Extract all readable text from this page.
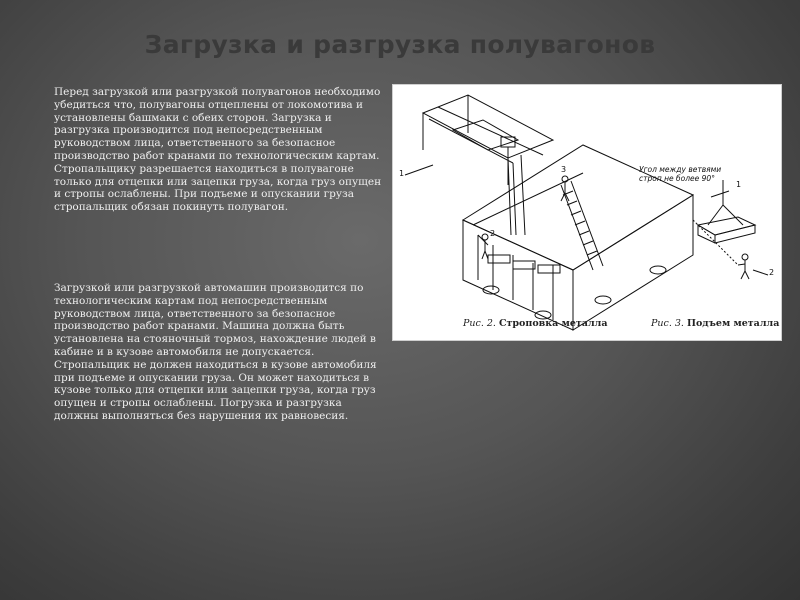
Загрузка и разгрузка полувагонов
Перед загрузкой или разгрузкой полувагонов необходимо убедиться что, полувагоны отцеплены от локомотива и установлены башмаки с обеих сторон. Загрузка и разгрузка производится под непосредственным руководством лица, ответственного за безопасное производство работ кранами по технологическим картам. Стропальщику разрешается находиться в полувагоне только для отцепки или зацепки груза, когда груз опущен и стропы ослаблены. При подъеме и опускании груза стропальщик обязан покинуть полувагон.
Загрузкой или разгрузкой автомашин производится по технологическим картам под непосредственным руководством лица, ответственного за безопасное производство работ кранами. Машина должна быть установлена на стояночный тормоз, нахождение людей в кабине и в кузове автомобиля не допускается. Стропальщик не должен находиться в кузове автомобиля при подъеме и опускании груза. Он может находиться в кузове только для отцепки или зацепки груза, когда груз опущен и стропы ослаблены. Погрузка и разгрузка должны выполняться без нарушения их равновесия.
1
2
3
1
2
Угол между ветвями
строп не более 90°
Рис. 2. Строповка металла	Рис. 3. Подъем металла
